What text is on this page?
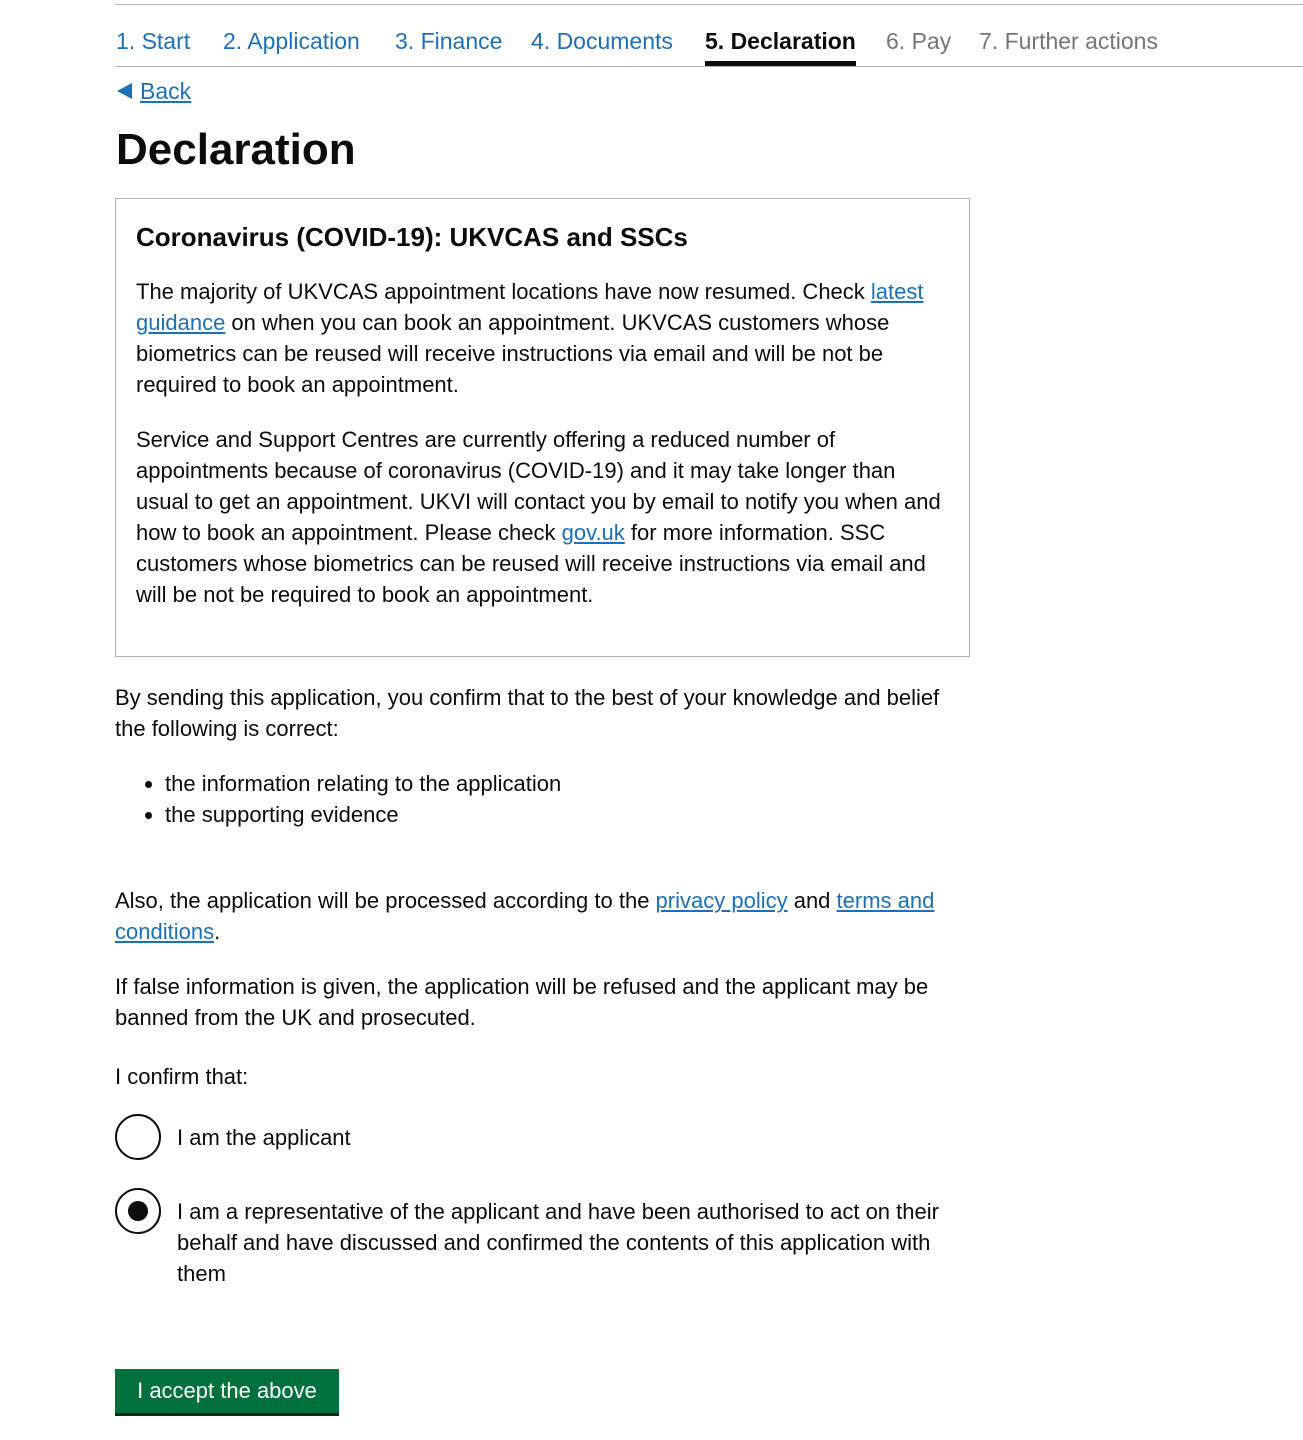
1. Start 2. Application 3. Finance 4. Documents 5. Declaration 6. Pay 7. Further actions
Back
Declaration
Coronavirus (COVID-19): UKVCAS and SSCs

The majority of UKVCAS appointment locations have now resumed. Check latest guidance on when you can book an appointment. UKVCAS customers whose biometrics can be reused will receive instructions via email and will be not be required to book an appointment.

Service and Support Centres are currently offering a reduced number of appointments because of coronavirus (COVID-19) and it may take longer than usual to get an appointment. UKVI will contact you by email to notify you when and how to book an appointment. Please check gov.uk for more information. SSC customers whose biometrics can be reused will receive instructions via email and will be not be required to book an appointment.

By sending this application, you confirm that to the best of your knowledge and belief the following is correct:

• the information relating to the application
• the supporting evidence

Also, the application will be processed according to the privacy policy and terms and conditions.

If false information is given, the application will be refused and the applicant may be banned from the UK and prosecuted.

I confirm that:

I am the applicant
I am a representative of the applicant and have been authorised to act on their behalf and have discussed and confirmed the contents of this application with them
I accept the above
